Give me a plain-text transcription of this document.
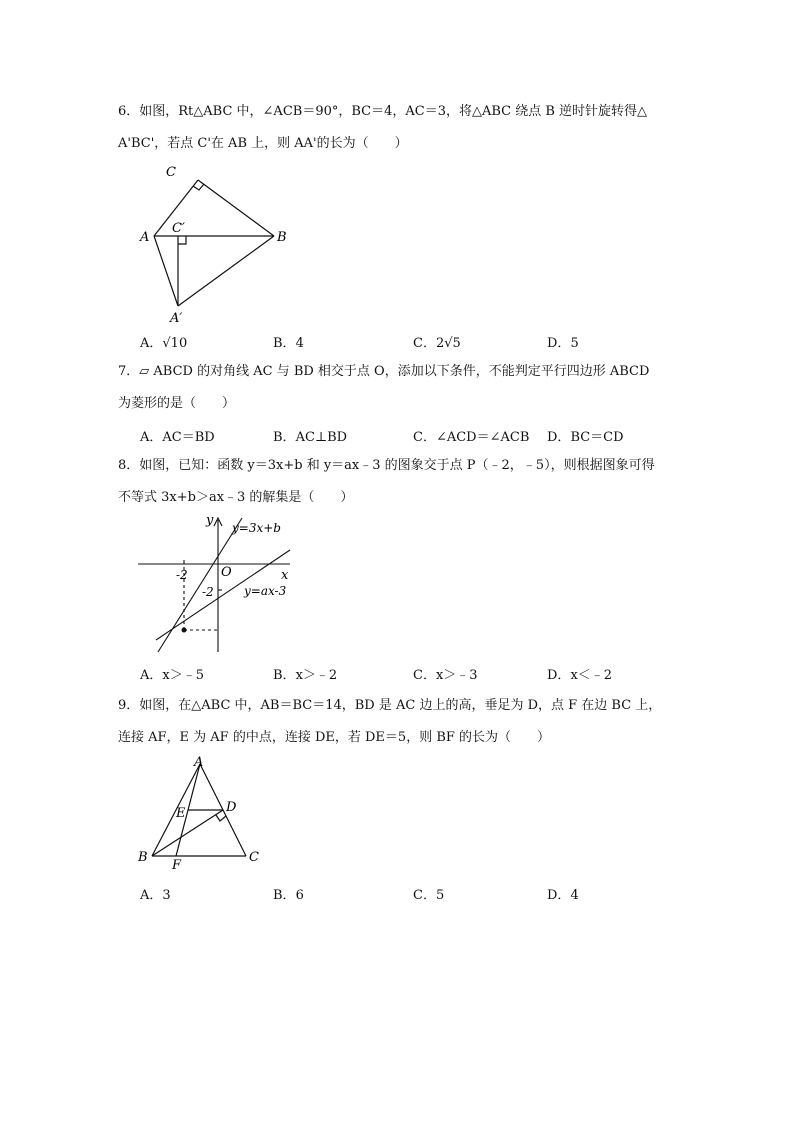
6．如图，Rt△ABC 中，∠ACB＝90°，BC＝4，AC＝3，将△ABC 绕点 B 逆时针旋转得△
A'BC'，若点 C'在 AB 上，则 AA'的长为（　　）
C
A	B
C′
A′
A．√10	B．4	C．2√5	D．5
7．▱ ABCD 的对角线 AC 与 BD 相交于点 O，添加以下条件，不能判定平行四边形 ABCD
为菱形的是（　　）
A．AC＝BD	B．AC⊥BD	C．∠ACD＝∠ACB D．BC＝CD
8．如图，已知：函数 y＝3x+b 和 y＝ax﹣3 的图象交于点 P（﹣2，﹣5），则根据图象可得
不等式 3x+b＞ax﹣3 的解集是（　　）
y
x
O
-2
-2
y=3x+b
y=ax-3
A．x＞﹣5	B．x＞﹣2	C．x＞﹣3	D．x＜﹣2
9．如图，在△ABC 中，AB＝BC＝14，BD 是 AC 边上的高，垂足为 D，点 F 在边 BC 上，
连接 AF，E 为 AF 的中点，连接 DE，若 DE＝5，则 BF 的长为（　　）
A
B	C
D
E
F
A．3	B．6	C．5	D．4
